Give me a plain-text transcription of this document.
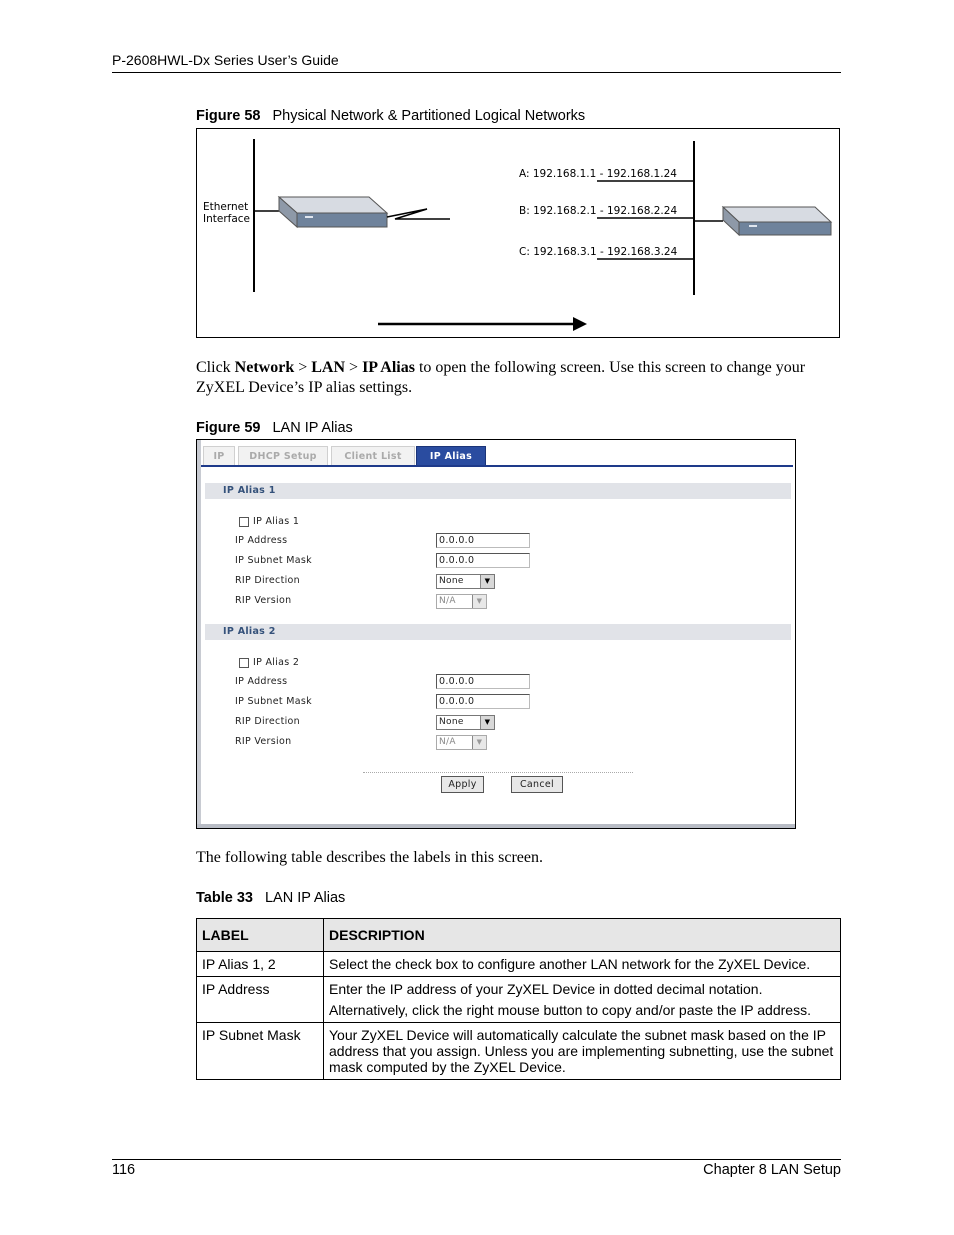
P-2608HWL-Dx Series User’s Guide
Figure 58 Physical Network & Partitioned Logical Networks
Ethernet
Interface
A: 192.168.1.1 - 192.168.1.24
B: 192.168.2.1 - 192.168.2.24
C: 192.168.3.1 - 192.168.3.24
Click Network > LAN > IP Alias to open the following screen. Use this screen to change your ZyXEL Device’s IP alias settings.
Figure 59 LAN IP Alias
IP	DHCP Setup	Client List	IP Alias
IP Alias 1
IP Alias 1
IP Address	0.0.0.0
IP Subnet Mask	0.0.0.0
RIP Direction	None	▼
RIP Version	N/A	▼
IP Alias 2
IP Alias 2
IP Address	0.0.0.0
IP Subnet Mask	0.0.0.0
RIP Direction	None	▼
RIP Version	N/A	▼
Apply	Cancel
The following table describes the labels in this screen.
Table 33 LAN IP Alias
LABEL	DESCRIPTION
IP Alias 1, 2	Select the check box to configure another LAN network for the ZyXEL Device.
IP Address	Enter the IP address of your ZyXEL Device in dotted decimal notation.
Alternatively, click the right mouse button to copy and/or paste the IP address.

IP Subnet Mask	Your ZyXEL Device will automatically calculate the subnet mask based on the IP address that you assign. Unless you are implementing subnetting, use the subnet mask computed by the ZyXEL Device.
116	Chapter 8 LAN Setup
